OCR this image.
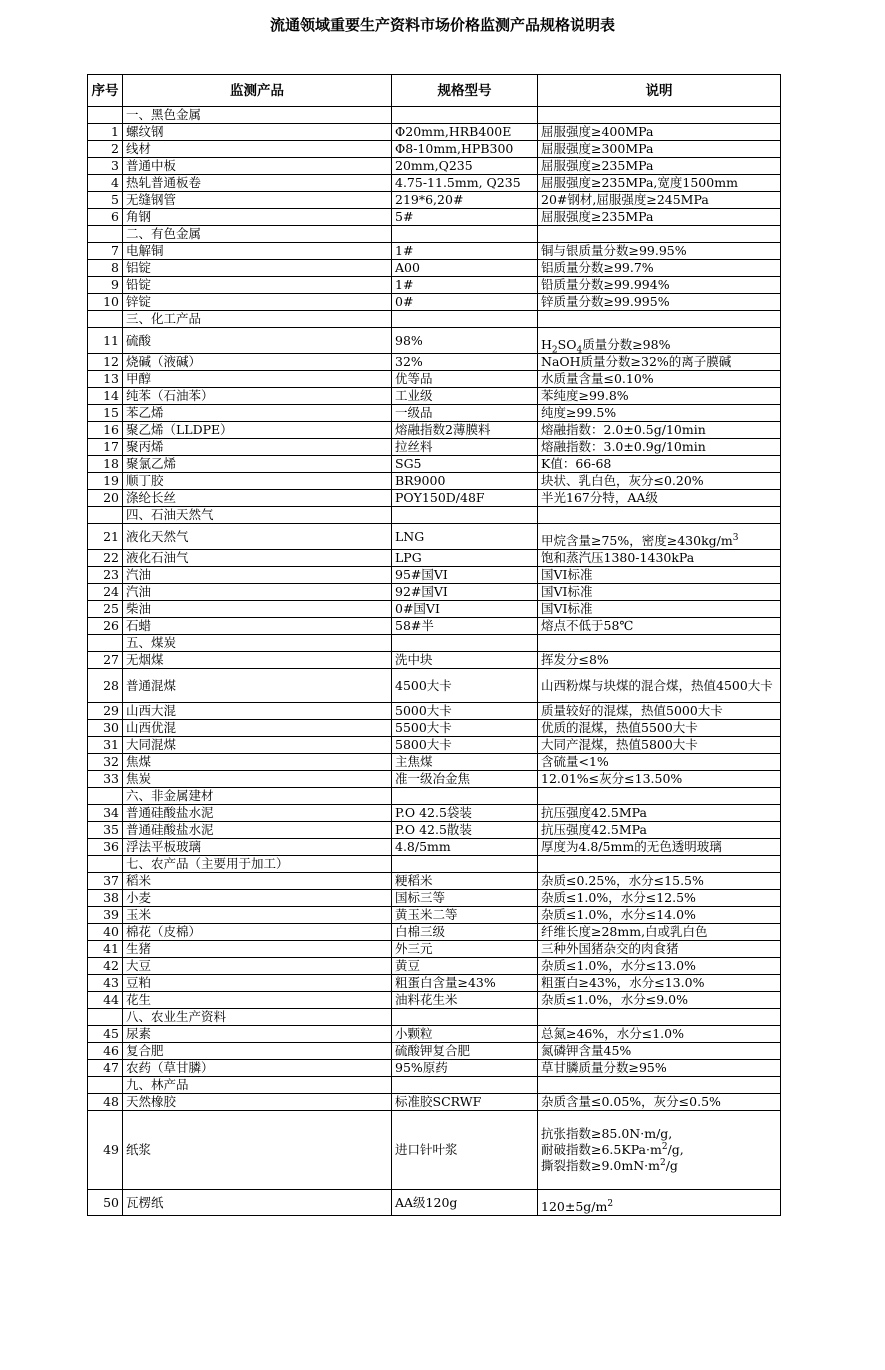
流通领域重要生产资料市场价格监测产品规格说明表
序号	监测产品	规格型号	说明
	一、黑色金属		
1	螺纹钢	Φ20mm,HRB400E	屈服强度≥400MPa
2	线材	Φ8-10mm,HPB300	屈服强度≥300MPa
3	普通中板	20mm,Q235	屈服强度≥235MPa
4	热轧普通板卷	4.75-11.5mm, Q235	屈服强度≥235MPa,宽度1500mm
5	无缝钢管	219*6,20#	20#钢材,屈服强度≥245MPa
6	角钢	5#	屈服强度≥235MPa
	二、有色金属		
7	电解铜	1#	铜与银质量分数≥99.95%
8	铝锭	A00	铝质量分数≥99.7%
9	铅锭	1#	铅质量分数≥99.994%
10	锌锭	0#	锌质量分数≥99.995%
	三、化工产品		
11	硫酸	98%	$H_2SO_4$质量分数≥98%
12	烧碱（液碱）	32%	NaOH质量分数≥32%的离子膜碱
13	甲醇	优等品	水质量含量≤0.10%
14	纯苯（石油苯）	工业级	苯纯度≥99.8%
15	苯乙烯	一级品	纯度≥99.5%
16	聚乙烯（LLDPE）	熔融指数2薄膜料	熔融指数：2.0±0.5g/10min
17	聚丙烯	拉丝料	熔融指数：3.0±0.9g/10min
18	聚氯乙烯	SG5	K值：66-68
19	顺丁胶	BR9000	块状、乳白色，灰分≤0.20%
20	涤纶长丝	POY150D/48F	半光167分特，AA级
	四、石油天然气		
21	液化天然气	LNG	甲烷含量≥75%，密度$\ge 430kg/m^3$
22	液化石油气	LPG	饱和蒸汽压1380-1430kPa
23	汽油	95#国VI	国VI标准
24	汽油	92#国VI	国VI标准
25	柴油	0#国VI	国VI标准
26	石蜡	58#半	熔点不低于58℃
	五、煤炭		
27	无烟煤	洗中块	挥发分≤8%
28	普通混煤	4500大卡	山西粉煤与块煤的混合煤，热值4500大卡
29	山西大混	5000大卡	质量较好的混煤，热值5000大卡
30	山西优混	5500大卡	优质的混煤，热值5500大卡
31	大同混煤	5800大卡	大同产混煤，热值5800大卡
32	焦煤	主焦煤	含硫量<1%
33	焦炭	准一级冶金焦	12.01%≤灰分≤13.50%
	六、非金属建材		
34	普通硅酸盐水泥	P.O 42.5袋装	抗压强度42.5MPa
35	普通硅酸盐水泥	P.O 42.5散装	抗压强度42.5MPa
36	浮法平板玻璃	4.8/5mm	厚度为4.8/5mm的无色透明玻璃
	七、农产品（主要用于加工）		
37	稻米	粳稻米	杂质≤0.25%，水分≤15.5%
38	小麦	国标三等	杂质≤1.0%，水分≤12.5%
39	玉米	黄玉米二等	杂质≤1.0%，水分≤14.0%
40	棉花（皮棉）	白棉三级	纤维长度≥28mm,白或乳白色
41	生猪	外三元	三种外国猪杂交的肉食猪
42	大豆	黄豆	杂质≤1.0%，水分≤13.0%
43	豆粕	粗蛋白含量≥43%	粗蛋白≥43%，水分≤13.0%
44	花生	油料花生米	杂质≤1.0%，水分≤9.0%
	八、农业生产资料		
45	尿素	小颗粒	总氮≥46%，水分≤1.0%
46	复合肥	硫酸钾复合肥	氮磷钾含量45%
47	农药（草甘膦）	95%原药	草甘膦质量分数≥95%
	九、林产品		
48	天然橡胶	标准胶SCRWF	杂质含量≤0.05%，灰分≤0.5%
49	纸浆	进口针叶浆	抗张指数≥85.0N·m/g,
耐破指数$\ge 6.5KPa\cdot m^2/g$,
撕裂指数$\ge 9.0mN\cdot m^2/g$

50	瓦楞纸	AA级120g	$120\pm 5g/m^2$
